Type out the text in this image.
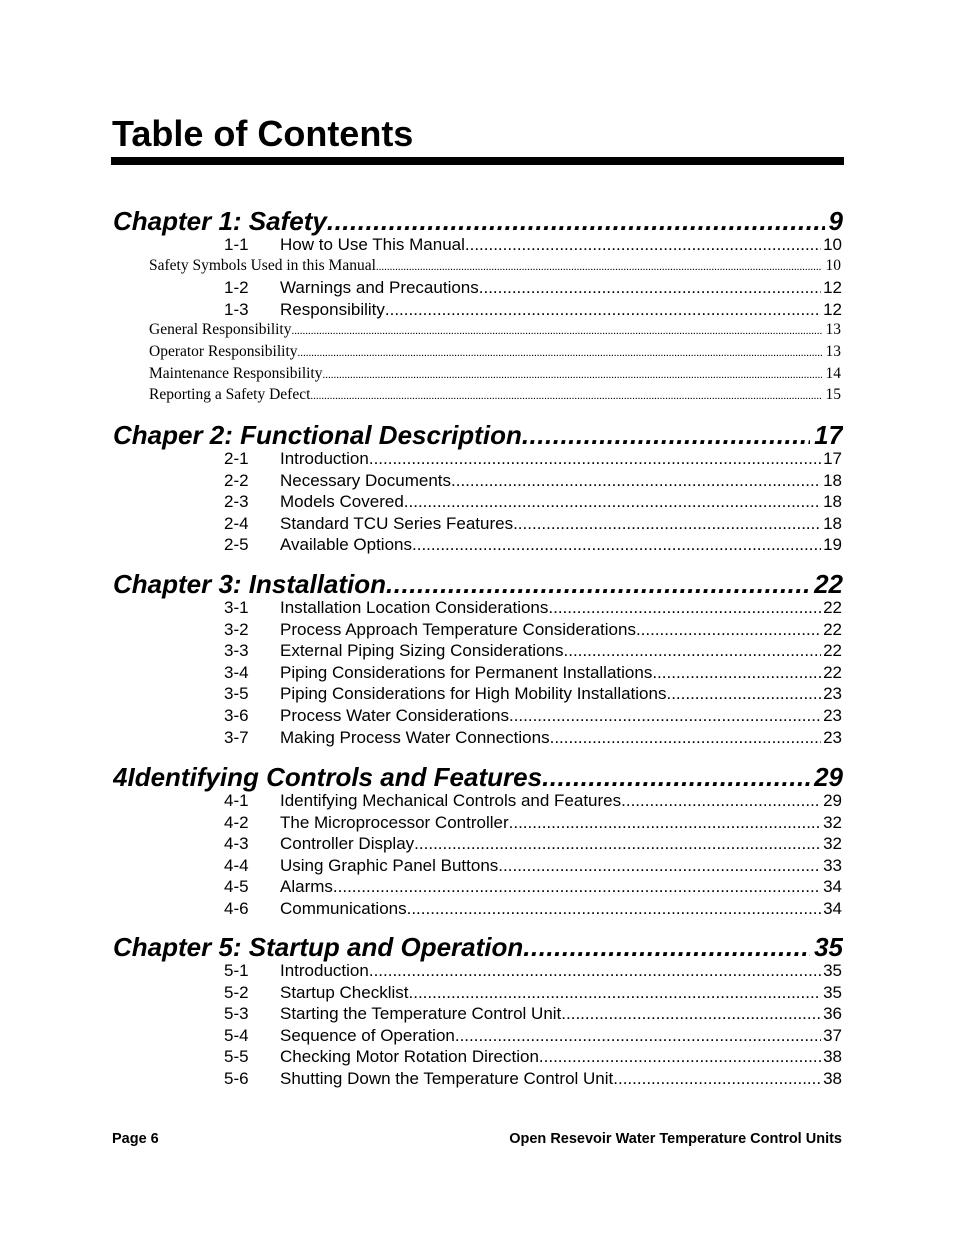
Table of Contents
Chapter 1: Safety .....	9
1-1	How to Use This Manual .....	10
Safety Symbols Used in this Manual .....	10
1-2	Warnings and Precautions .....	12
1-3	Responsibility .....	12
General Responsibility .....	13
Operator Responsibility .....	13
Maintenance Responsibility .....	14
Reporting a Safety Defect .....	15
Chaper 2: Functional Description .....	17
2-1	Introduction .....	17
2-2	Necessary Documents .....	18
2-3	Models Covered .....	18
2-4	Standard TCU Series Features .....	18
2-5	Available Options .....	19
Chapter 3: Installation .....	22
3-1	Installation Location Considerations .....	22
3-2	Process Approach Temperature Considerations .....	22
3-3	External Piping Sizing Considerations .....	22
3-4	Piping Considerations for Permanent Installations .....	22
3-5	Piping Considerations for High Mobility Installations .....	23
3-6	Process Water Considerations .....	23
3-7	Making Process Water Connections .....	23
4 Identifying Controls and Features .....	29
4-1	Identifying Mechanical Controls and Features .....	29
4-2	The Microprocessor Controller .....	32
4-3	Controller Display .....	32
4-4	Using Graphic Panel Buttons .....	33
4-5	Alarms .....	34
4-6	Communications .....	34
Chapter 5: Startup and Operation .....	35
5-1	Introduction .....	35
5-2	Startup Checklist .....	35
5-3	Starting the Temperature Control Unit .....	36
5-4	Sequence of Operation .....	37
5-5	Checking Motor Rotation Direction .....	38
5-6	Shutting Down the Temperature Control Unit .....	38
Page 6	Open Resevoir Water Temperature Control Units
